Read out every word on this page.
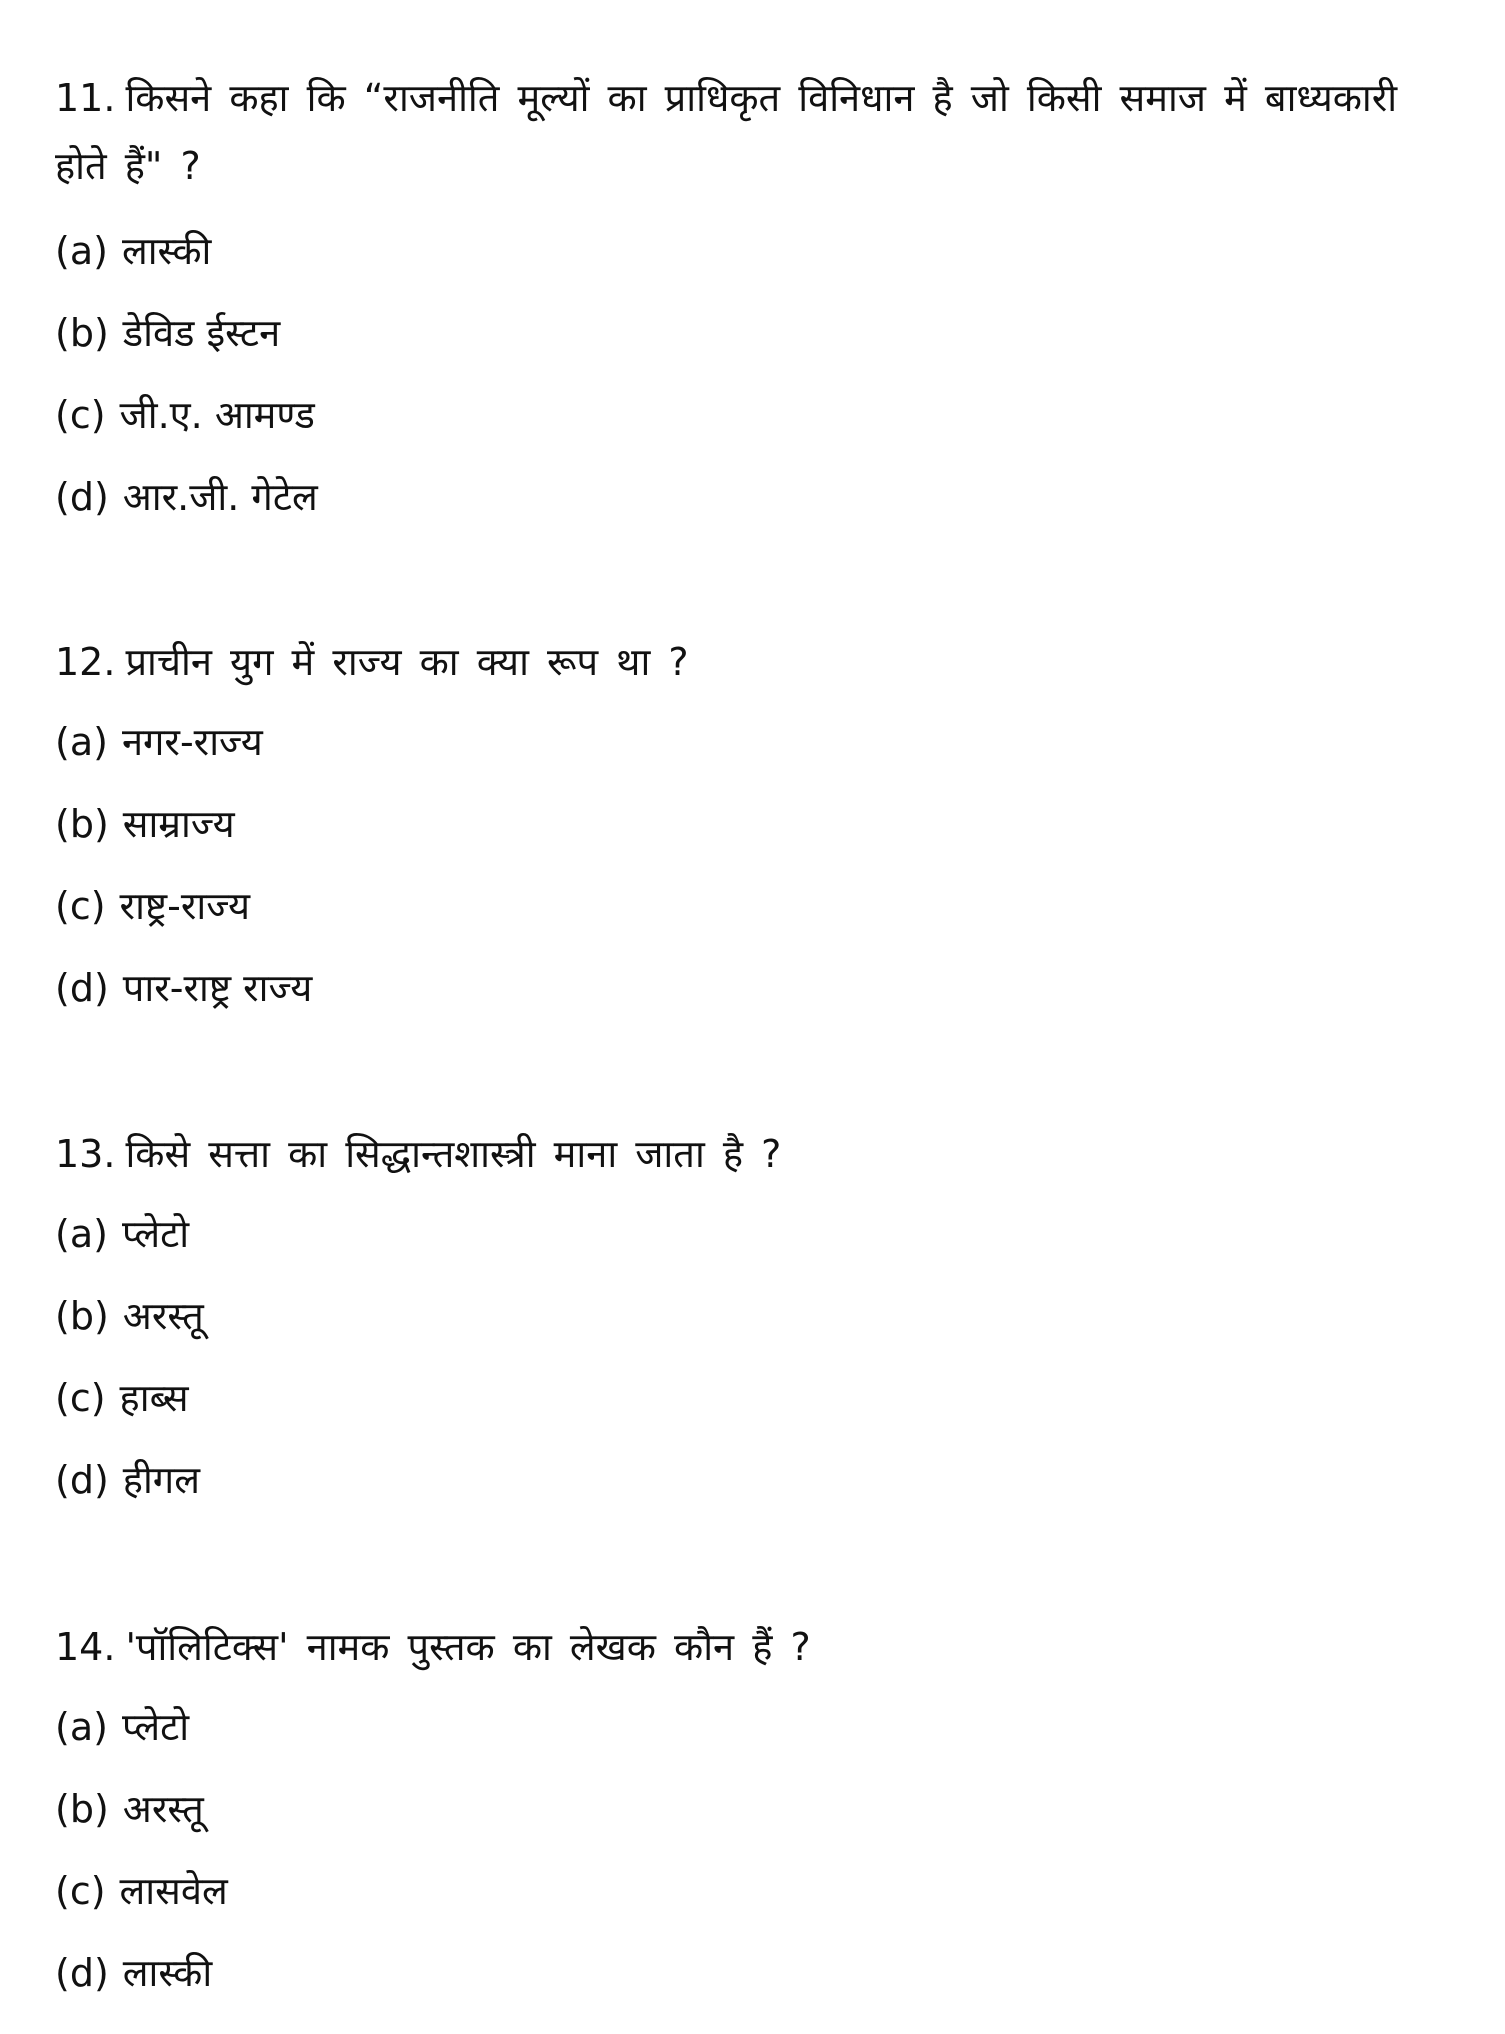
11. किसने कहा कि “राजनीति मूल्यों का प्राधिकृत विनिधान है जो किसी समाज में बाध्यकारी होते हैं" ?

(a) लास्की

(b) डेविड ईस्टन

(c) जी.ए. आमण्ड

(d) आर.जी. गेटेल

12. प्राचीन युग में राज्य का क्या रूप था ?

(a) नगर-राज्य

(b) साम्राज्य

(c) राष्ट्र-राज्य

(d) पार-राष्ट्र राज्य

13. किसे सत्ता का सिद्धान्तशास्त्री माना जाता है ?

(a) प्लेटो

(b) अरस्तू

(c) हाब्स

(d) हीगल

14. 'पॉलिटिक्स' नामक पुस्तक का लेखक कौन हैं ?

(a) प्लेटो

(b) अरस्तू

(c) लासवेल

(d) लास्की
